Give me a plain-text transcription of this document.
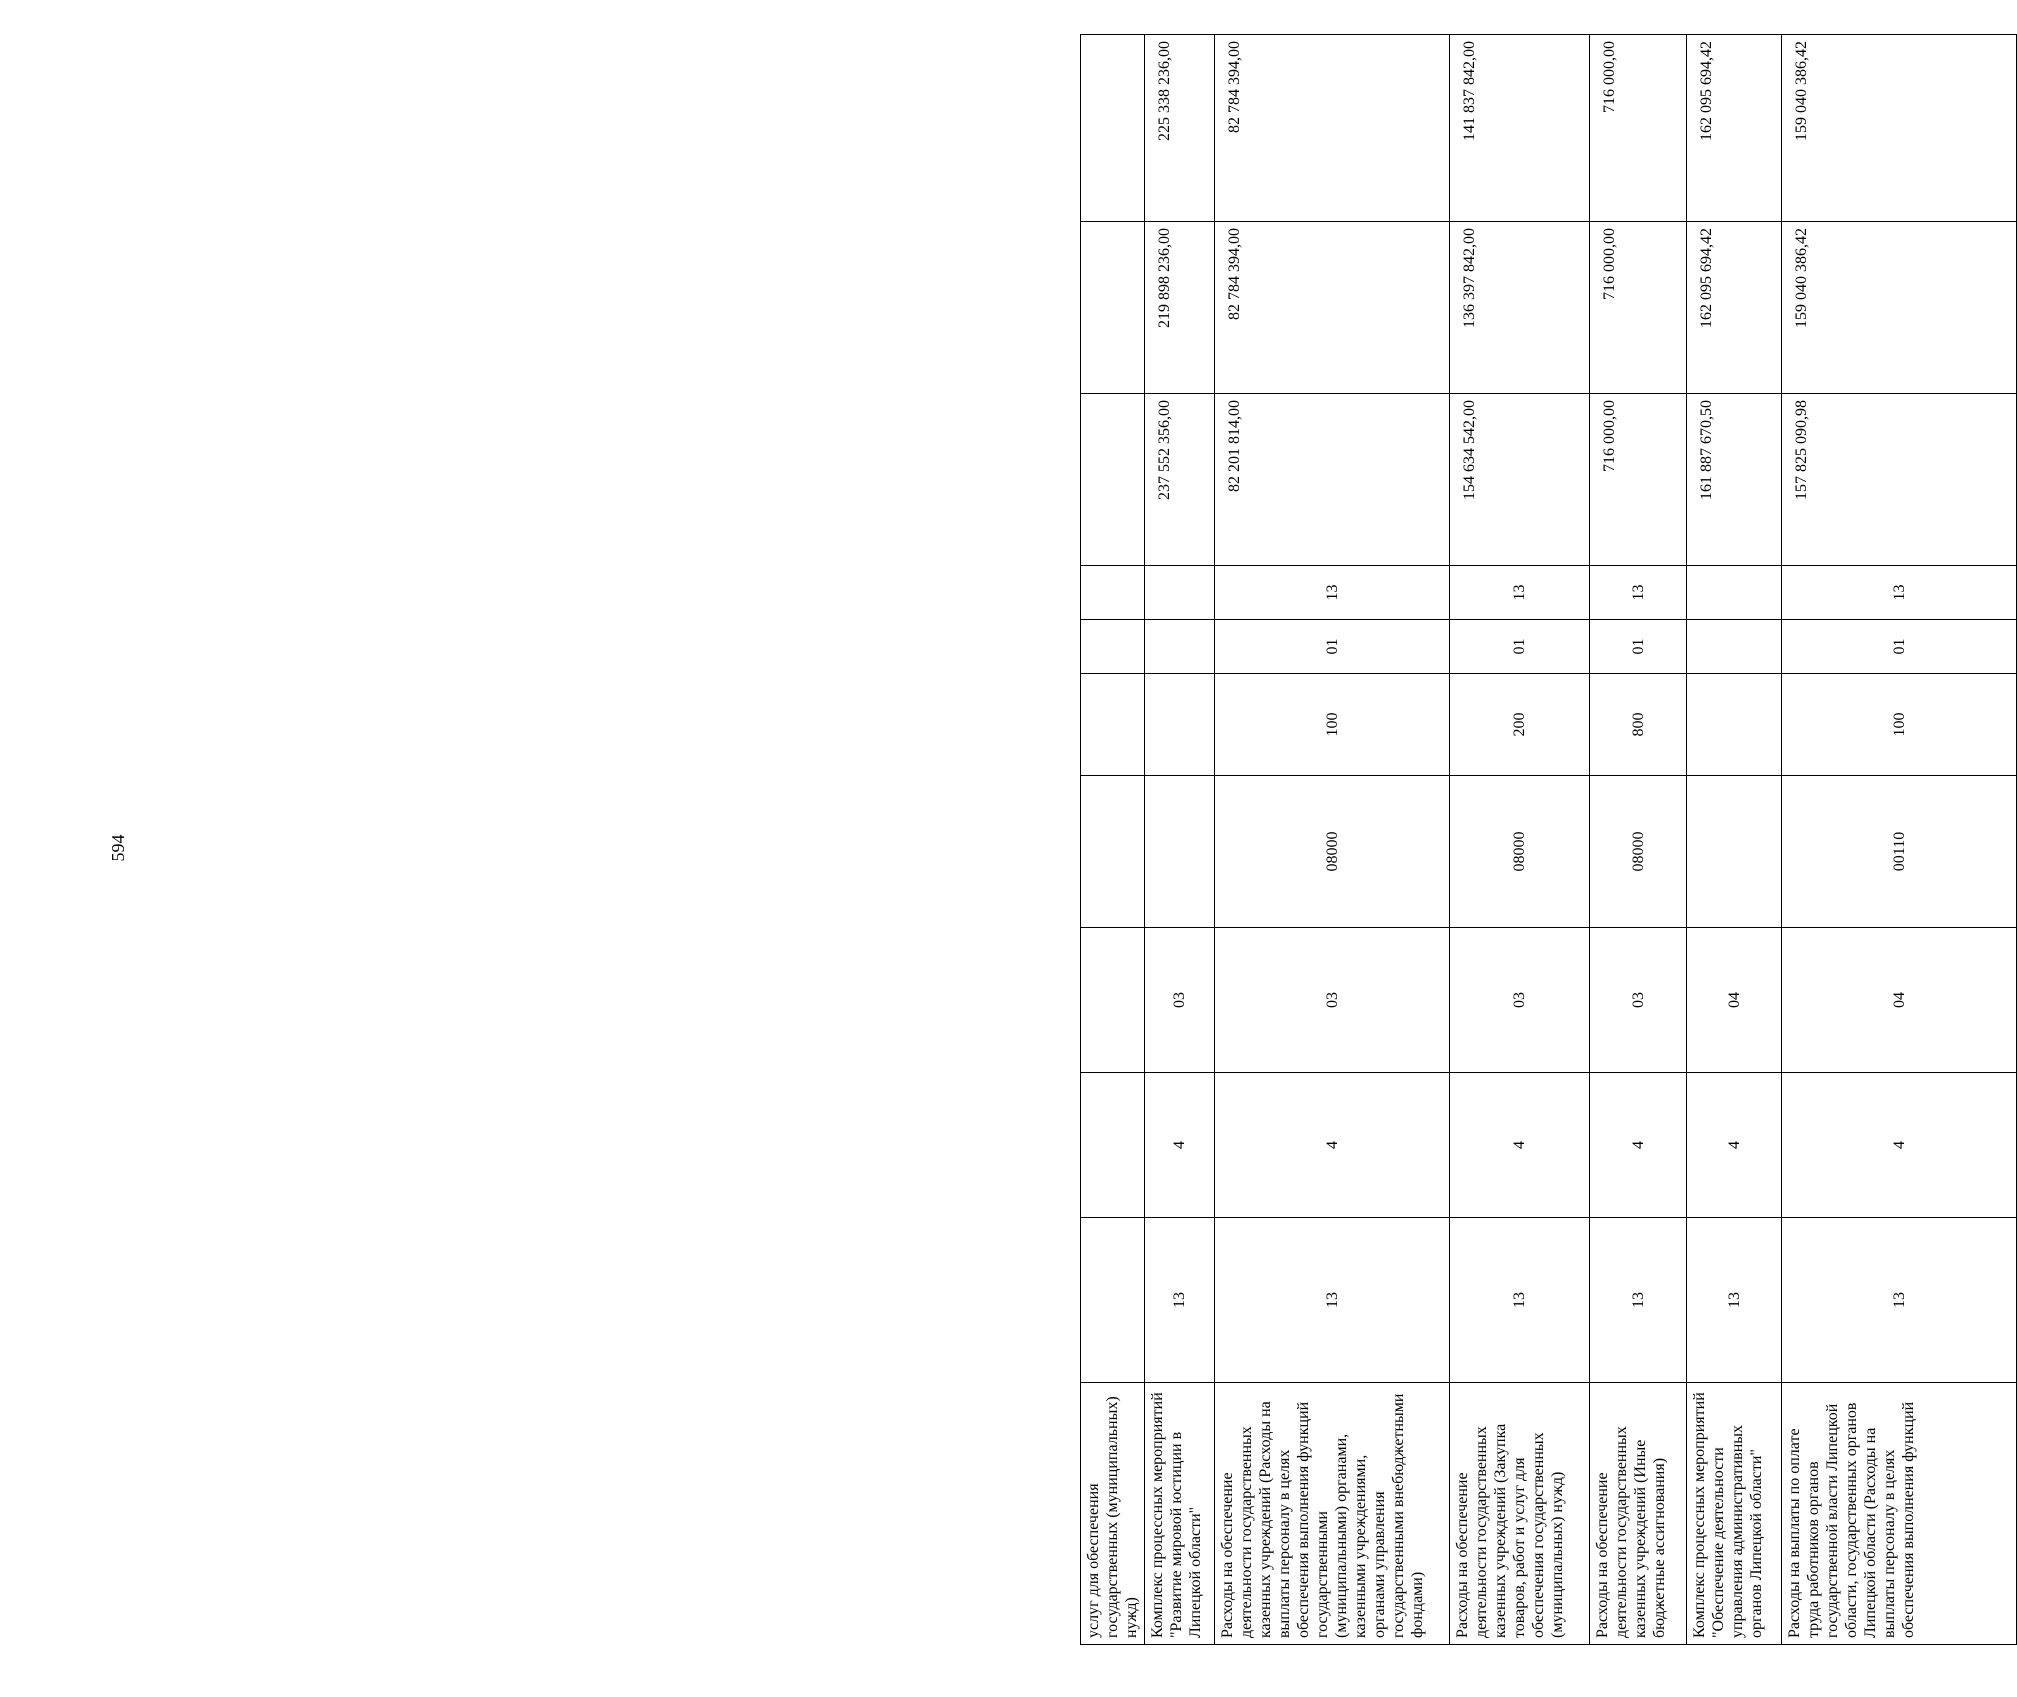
594
услуг для обеспечения государственных (муниципальных) нужд)										
Комплекс процессных мероприятий "Развитие мировой юстиции в Липецкой области"	13	4	03					237 552 356,00	219 898 236,00	225 338 236,00
Расходы на обеспечение деятельности государственных казенных учреждений (Расходы на выплаты персоналу в целях обеспечения выполнения функций государственными (муниципальными) органами, казенными учреждениями, органами управления государственными внебюджетными фондами)	13	4	03	08000	100	01	13	82 201 814,00	82 784 394,00	82 784 394,00
Расходы на обеспечение деятельности государственных казенных учреждений (Закупка товаров, работ и услуг для обеспечения государственных (муниципальных) нужд)	13	4	03	08000	200	01	13	154 634 542,00	136 397 842,00	141 837 842,00
Расходы на обеспечение деятельности государственных казенных учреждений (Иные бюджетные ассигнования)	13	4	03	08000	800	01	13	716 000,00	716 000,00	716 000,00
Комплекс процессных мероприятий "Обеспечение деятельности управления административных органов Липецкой области"	13	4	04					161 887 670,50	162 095 694,42	162 095 694,42
Расходы на выплаты по оплате труда работников органов государственной власти Липецкой области, государственных органов Липецкой области (Расходы на выплаты персоналу в целях обеспечения выполнения функций	13	4	04	00110	100	01	13	157 825 090,98	159 040 386,42	159 040 386,42
